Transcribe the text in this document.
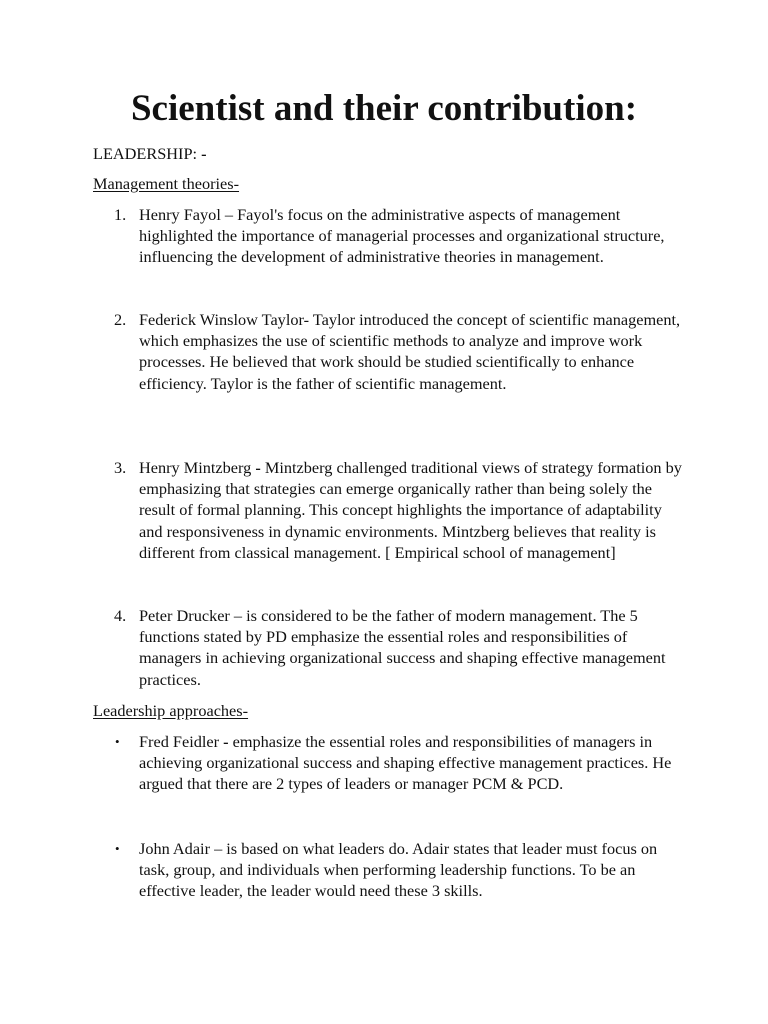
Scientist and their contribution:

LEADERSHIP: -

Management theories-

1. Henry Fayol – Fayol's focus on the administrative aspects of management highlighted the importance of managerial processes and organizational structure, influencing the development of administrative theories in management.

2. Federick Winslow Taylor- Taylor introduced the concept of scientific management, which emphasizes the use of scientific methods to analyze and improve work processes. He believed that work should be studied scientifically to enhance efficiency. Taylor is the father of scientific management.

3. Henry Mintzberg - Mintzberg challenged traditional views of strategy formation by emphasizing that strategies can emerge organically rather than being solely the result of formal planning. This concept highlights the importance of adaptability and responsiveness in dynamic environments. Mintzberg believes that reality is different from classical management. [ Empirical school of management]

4. Peter Drucker – is considered to be the father of modern management. The 5 functions stated by PD emphasize the essential roles and responsibilities of managers in achieving organizational success and shaping effective management practices.

Leadership approaches-

• Fred Feidler - emphasize the essential roles and responsibilities of managers in achieving organizational success and shaping effective management practices. He argued that there are 2 types of leaders or manager PCM & PCD.

• John Adair – is based on what leaders do. Adair states that leader must focus on task, group, and individuals when performing leadership functions. To be an effective leader, the leader would need these 3 skills.
